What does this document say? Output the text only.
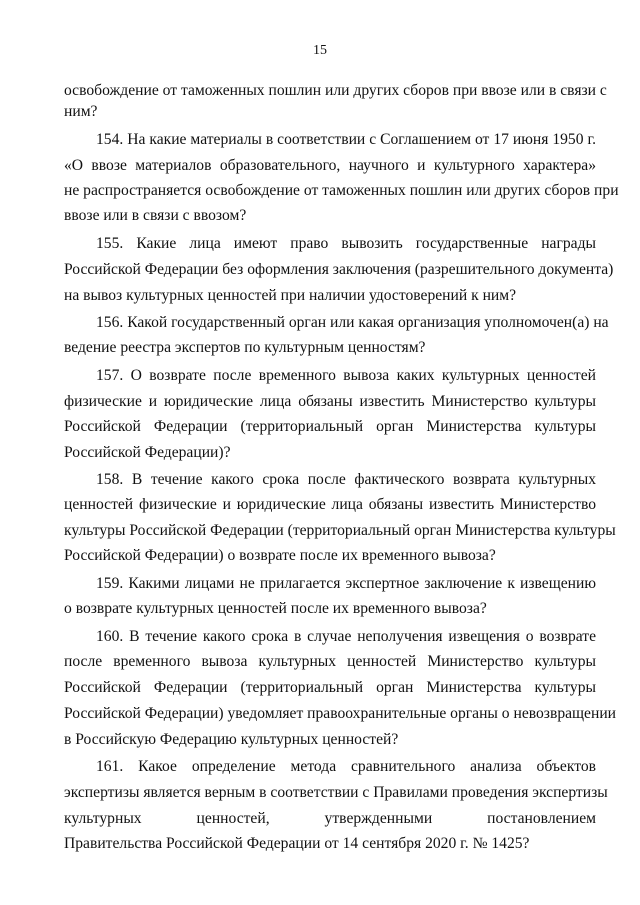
15
освобождение от таможенных пошлин или других сборов при ввозе или в связи с
ним?
154. На какие материалы в соответствии с Соглашением от 17 июня 1950 г.
«О ввозе материалов образовательного, научного и культурного характера»
не распространяется освобождение от таможенных пошлин или других сборов при
ввозе или в связи с ввозом?
155. Какие лица имеют право вывозить государственные награды
Российской Федерации без оформления заключения (разрешительного документа)
на вывоз культурных ценностей при наличии удостоверений к ним?
156. Какой государственный орган или какая организация уполномочен(а) на
ведение реестра экспертов по культурным ценностям?
157. О возврате после временного вывоза каких культурных ценностей
физические и юридические лица обязаны известить Министерство культуры
Российской Федерации (территориальный орган Министерства культуры
Российской Федерации)?
158. В течение какого срока после фактического возврата культурных
ценностей физические и юридические лица обязаны известить Министерство
культуры Российской Федерации (территориальный орган Министерства культуры
Российской Федерации) о возврате после их временного вывоза?
159. Какими лицами не прилагается экспертное заключение к извещению
о возврате культурных ценностей после их временного вывоза?
160. В течение какого срока в случае неполучения извещения о возврате
после временного вывоза культурных ценностей Министерство культуры
Российской Федерации (территориальный орган Министерства культуры
Российской Федерации) уведомляет правоохранительные органы о невозвращении
в Российскую Федерацию культурных ценностей?
161. Какое определение метода сравнительного анализа объектов
экспертизы является верным в соответствии с Правилами проведения экспертизы
культурных ценностей, утвержденными постановлением
Правительства Российской Федерации от 14 сентября 2020 г. № 1425?
